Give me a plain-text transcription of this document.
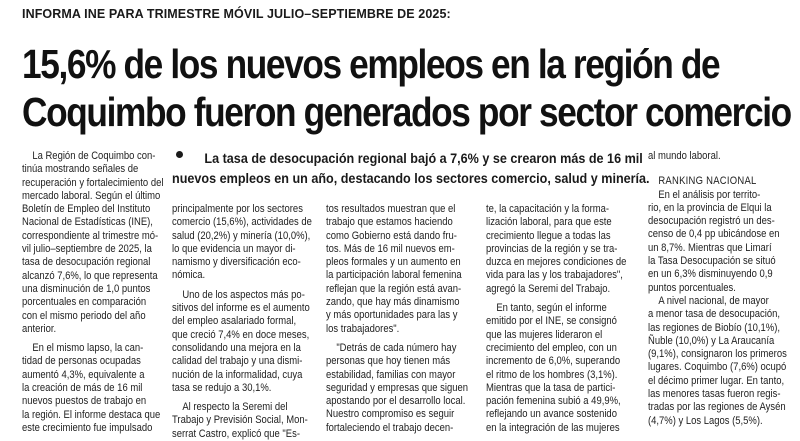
INFORMA INE PARA TRIMESTRE MÓVIL JULIO–SEPTIEMBRE DE 2025:
15,6% de los nuevos empleos en la región de
Coquimbo fueron generados por sector comercio
La tasa de desocupación regional bajó a 7,6% y se crearon más de 16 mil
nuevos empleos en un año, destacando los sectores comercio, salud y minería.
La Región de Coquimbo con-
tinúa mostrando señales de
recuperación y fortalecimiento del
mercado laboral. Según el último
Boletín de Empleo del Instituto
Nacional de Estadísticas (INE),
correspondiente al trimestre mó-
vil julio–septiembre de 2025, la
tasa de desocupación regional
alcanzó 7,6%, lo que representa
una disminución de 1,0 puntos
porcentuales en comparación
con el mismo periodo del año
anterior.
En el mismo lapso, la can-
tidad de personas ocupadas
aumentó 4,3%, equivalente a
la creación de más de 16 mil
nuevos puestos de trabajo en
la región. El informe destaca que
este crecimiento fue impulsado
principalmente por los sectores
comercio (15,6%), actividades de
salud (20,2%) y minería (10,0%),
lo que evidencia un mayor di-
namismo y diversificación eco-
nómica.
Uno de los aspectos más po-
sitivos del informe es el aumento
del empleo asalariado formal,
que creció 7,4% en doce meses,
consolidando una mejora en la
calidad del trabajo y una dismi-
nución de la informalidad, cuya
tasa se redujo a 30,1%.
Al respecto la Seremi del
Trabajo y Previsión Social, Mon-
serrat Castro, explicó que "Es-
tos resultados muestran que el
trabajo que estamos haciendo
como Gobierno está dando fru-
tos. Más de 16 mil nuevos em-
pleos formales y un aumento en
la participación laboral femenina
reflejan que la región está avan-
zando, que hay más dinamismo
y más oportunidades para las y
los trabajadores".
"Detrás de cada número hay
personas que hoy tienen más
estabilidad, familias con mayor
seguridad y empresas que siguen
apostando por el desarrollo local.
Nuestro compromiso es seguir
fortaleciendo el trabajo decen-
te, la capacitación y la forma-
lización laboral, para que este
crecimiento llegue a todas las
provincias de la región y se tra-
duzca en mejores condiciones de
vida para las y los trabajadores",
agregó la Seremi del Trabajo.
En tanto, según el informe
emitido por el INE, se consignó
que las mujeres lideraron el
crecimiento del empleo, con un
incremento de 6,0%, superando
el ritmo de los hombres (3,1%).
Mientras que la tasa de partici-
pación femenina subió a 49,9%,
reflejando un avance sostenido
en la integración de las mujeres
al mundo laboral.
RANKING NACIONAL
En el análisis por territo-
rio, en la provincia de Elqui la
desocupación registró un des-
censo de 0,4 pp ubicándose en
un 8,7%. Mientras que Limarí
la Tasa Desocupación se situó
en un 6,3% disminuyendo 0,9
puntos porcentuales.
A nivel nacional, de mayor
a menor tasa de desocupación,
las regiones de Biobío (10,1%),
Ñuble (10,0%) y La Araucanía
(9,1%), consignaron los primeros
lugares. Coquimbo (7,6%) ocupó
el décimo primer lugar. En tanto,
las menores tasas fueron regis-
tradas por las regiones de Aysén
(4,7%) y Los Lagos (5,5%).
